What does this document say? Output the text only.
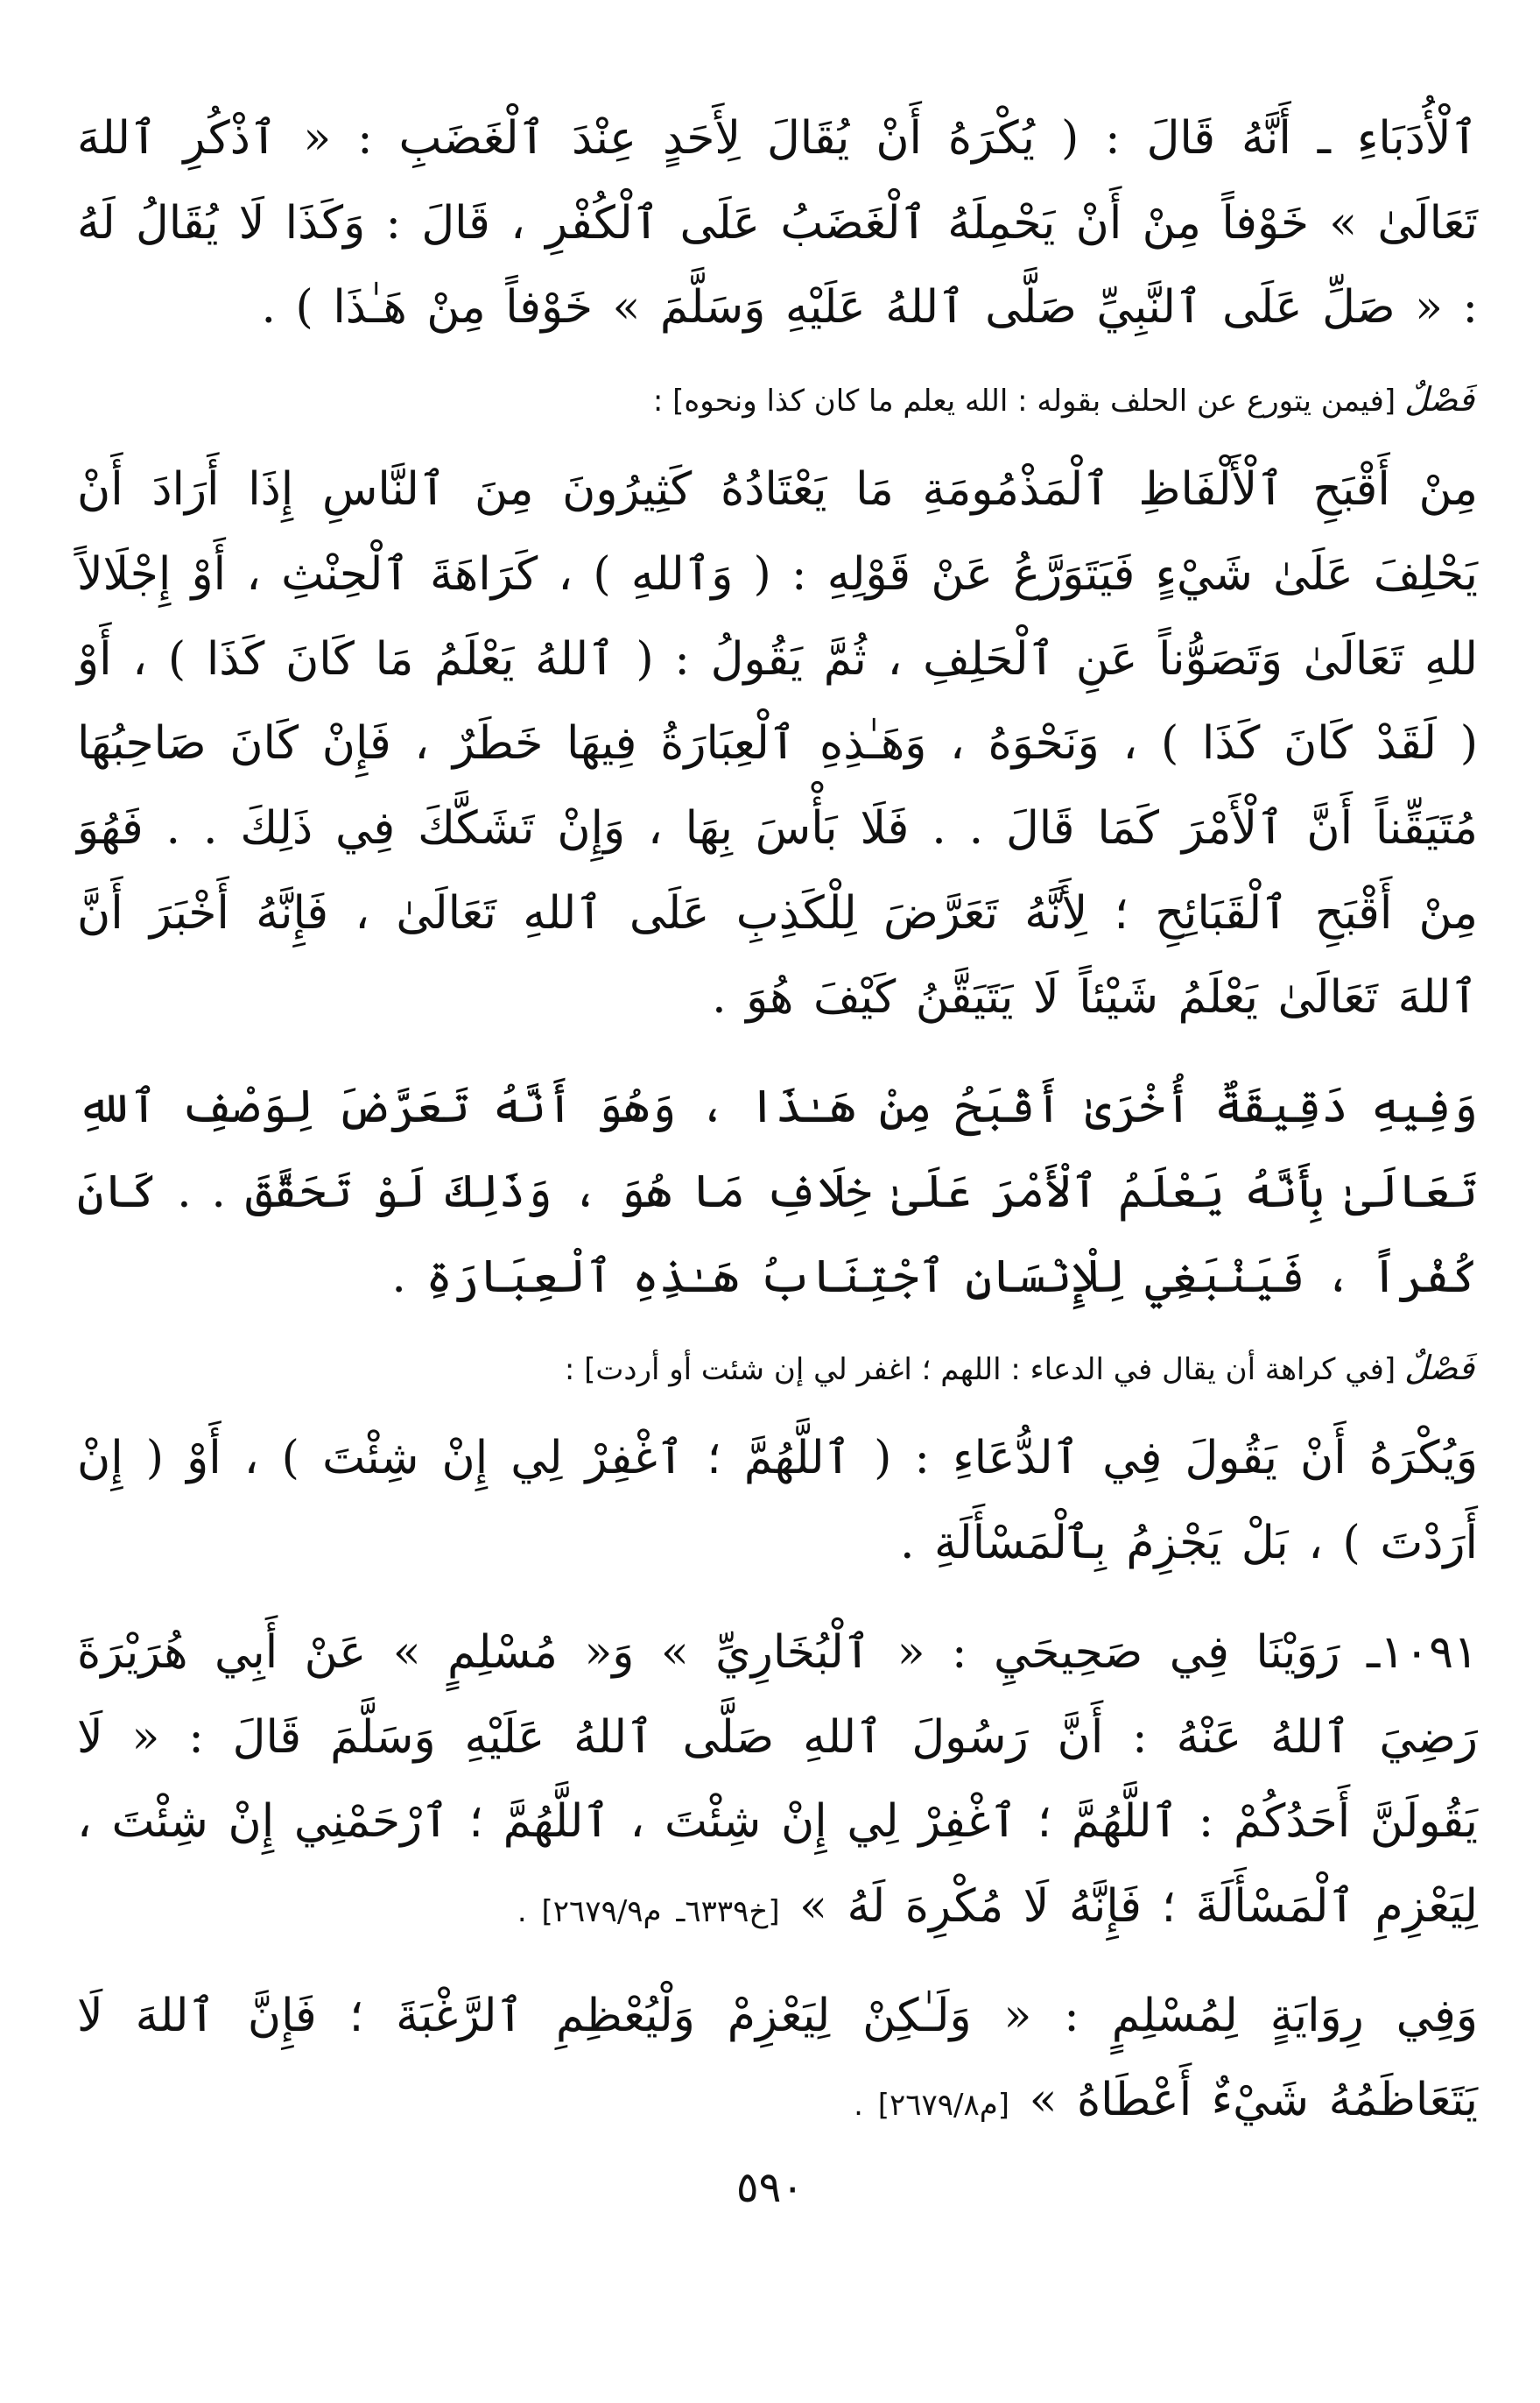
ٱلْأُدَبَاءِ ـ أَنَّهُ قَالَ : ( يُكْرَهُ أَنْ يُقَالَ لِأَحَدٍ عِنْدَ ٱلْغَضَبِ : « ٱذْكُرِ ٱللهَ تَعَالَىٰ » خَوْفاً مِنْ أَنْ يَحْمِلَهُ ٱلْغَضَبُ عَلَى ٱلْكُفْرِ ، قَالَ : وَكَذَا لَا يُقَالُ لَهُ : « صَلِّ عَلَى ٱلنَّبِيِّ صَلَّى ٱللهُ عَلَيْهِ وَسَلَّمَ » خَوْفاً مِنْ هَـٰذَا ) .

فَصْلٌ
[فيمن يتورع عن الحلف بقوله : الله يعلم ما كان كذا ونحوه] :

مِنْ أَقْبَحِ ٱلْأَلْفَاظِ ٱلْمَذْمُومَةِ مَا يَعْتَادُهُ كَثِيرُونَ مِنَ ٱلنَّاسِ إِذَا أَرَادَ أَنْ يَحْلِفَ عَلَىٰ شَيْءٍ فَيَتَوَرَّعُ عَنْ قَوْلِهِ : ( وَٱللهِ ) ، كَرَاهَةَ ٱلْحِنْثِ ، أَوْ إِجْلَالاً للهِ تَعَالَىٰ وَتَصَوُّناً عَنِ ٱلْحَلِفِ ، ثُمَّ يَقُولُ : ( ٱللهُ يَعْلَمُ مَا كَانَ كَذَا ) ، أَوْ ( لَقَدْ كَانَ كَذَا ) ، وَنَحْوَهُ ، وَهَـٰذِهِ ٱلْعِبَارَةُ فِيهَا خَطَرٌ ، فَإِنْ كَانَ صَاحِبُهَا مُتَيَقِّناً أَنَّ ٱلْأَمْرَ كَمَا قَالَ . . فَلَا بَأْسَ بِهَا ، وَإِنْ تَشَكَّكَ فِي ذَلِكَ . . فَهُوَ مِنْ أَقْبَحِ ٱلْقَبَائِحِ ؛ لِأَنَّهُ تَعَرَّضَ لِلْكَذِبِ عَلَى ٱللهِ تَعَالَىٰ ، فَإِنَّهُ أَخْبَرَ أَنَّ ٱللهَ تَعَالَىٰ يَعْلَمُ شَيْئاً لَا يَتَيَقَّنُ كَيْفَ هُوَ .

وَفِيهِ دَقِيقَةٌ أُخْرَىٰ أَقْبَحُ مِنْ هَـٰذَا ، وَهُوَ أَنَّهُ تَعَرَّضَ لِوَصْفِ ٱللهِ تَعَالَىٰ بِأَنَّهُ يَعْلَمُ ٱلْأَمْرَ عَلَىٰ خِلَافِ مَا هُوَ ، وَذَلِكَ لَوْ تَحَقَّقَ . . كَانَ كُفْراً ، فَيَنْبَغِي لِلْإِنْسَانِ ٱجْتِنَابُ هَـٰذِهِ ٱلْعِبَارَةِ .

فَصْلٌ
[في كراهة أن يقال في الدعاء : اللهم ؛ اغفر لي إن شئت أو أردت] :

وَيُكْرَهُ أَنْ يَقُولَ فِي ٱلدُّعَاءِ : ( ٱللَّهُمَّ ؛ ٱغْفِرْ لِي إِنْ شِئْتَ ) ، أَوْ ( إِنْ أَرَدْتَ ) ، بَلْ يَجْزِمُ بِٱلْمَسْأَلَةِ .

١٠٩١ـ رَوَيْنَا فِي صَحِيحَيِ : « ٱلْبُخَارِيِّ » وَ« مُسْلِمٍ » عَنْ أَبِي هُرَيْرَةَ رَضِيَ ٱللهُ عَنْهُ : أَنَّ رَسُولَ ٱللهِ صَلَّى ٱللهُ عَلَيْهِ وَسَلَّمَ قَالَ : « لَا يَقُولَنَّ أَحَدُكُمْ : ٱللَّهُمَّ ؛ ٱغْفِرْ لِي إِنْ شِئْتَ ، ٱللَّهُمَّ ؛ ٱرْحَمْنِي إِنْ شِئْتَ ، لِيَعْزِمِ ٱلْمَسْأَلَةَ ؛ فَإِنَّهُ لَا مُكْرِهَ لَهُ » [خ٦٣٣٩ـ م٢٦٧٩/٩] .

وَفِي رِوَايَةٍ لِمُسْلِمٍ : « وَلَـٰكِنْ لِيَعْزِمْ وَلْيُعْظِمِ ٱلرَّغْبَةَ ؛ فَإِنَّ ٱللهَ لَا يَتَعَاظَمُهُ شَيْءٌ أَعْطَاهُ » [م٢٦٧٩/٨] .

٥٩٠
